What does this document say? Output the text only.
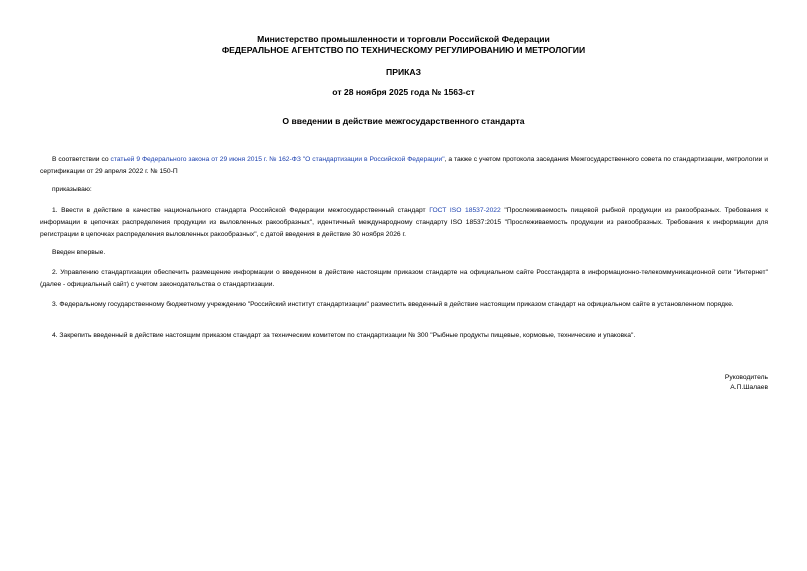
Министерство промышленности и торговли Российской Федерации
ФЕДЕРАЛЬНОЕ АГЕНТСТВО ПО ТЕХНИЧЕСКОМУ РЕГУЛИРОВАНИЮ И МЕТРОЛОГИИ
ПРИКАЗ
от 28 ноября 2025 года № 1563-ст
О введении в действие межгосударственного стандарта
В соответствии со статьей 9 Федерального закона от 29 июня 2015 г. № 162-ФЗ "О стандартизации в Российской Федерации", а также с учетом протокола заседания Межгосударственного совета по стандартизации, метрологии и сертификации от 29 апреля 2022 г. № 150-П
приказываю:
1. Ввести в действие в качестве национального стандарта Российской Федерации межгосударственный стандарт ГОСТ ISO 18537-2022 "Прослеживаемость пищевой рыбной продукции из ракообразных. Требования к информации в цепочках распределения продукции из выловленных ракообразных", идентичный международному стандарту ISO 18537:2015 "Прослеживаемость продукции из ракообразных. Требования к информации для регистрации в цепочках распределения выловленных ракообразных", с датой введения в действие 30 ноября 2026 г.
Введен впервые.
2. Управлению стандартизации обеспечить размещение информации о введенном в действие настоящим приказом стандарте на официальном сайте Росстандарта в информационно-телекоммуникационной сети "Интернет" (далее - официальный сайт) с учетом законодательства о стандартизации.
3. Федеральному государственному бюджетному учреждению "Российский институт стандартизации" разместить введенный в действие настоящим приказом стандарт на официальном сайте в установленном порядке.
4. Закрепить введенный в действие настоящим приказом стандарт за техническим комитетом по стандартизации № 300 "Рыбные продукты пищевые, кормовые, технические и упаковка".
Руководитель
А.П.Шалаев
